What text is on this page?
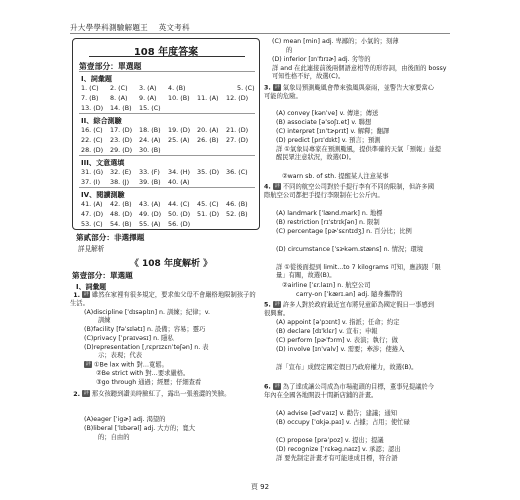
升大學學科測驗解題王 英文考科
108 年度答案
第壹部分：單選題
I、詞彙題
1. (C) 2. (C) 3. (A) 4. (B)	5. (C)
7. (B) 8. (A) 9. (A) 10. (B) 11. (A) 12. (D)
13. (D) 14. (B) 15. (C)
II、綜合測驗
16. (C) 17. (D) 18. (B) 19. (D) 20. (A) 21. (D)
22. (C) 23. (D) 24. (A) 25. (A) 26. (B) 27. (D)
28. (D) 29. (D) 30. (B)
III、文意選填
31. (G) 32. (E) 33. (F) 34. (H) 35. (D) 36. (C)
37. (I) 38. (J) 39. (B) 40. (A)
IV、閱讀測驗
41. (A) 42. (B) 43. (A) 44. (C) 45. (C) 46. (B)
47. (D) 48. (D) 49. (D) 50. (D) 51. (D) 52. (B)
53. (C) 54. (B) 55. (A) 56. (D)
第貳部分：非選擇題
詳見解析
《 108 年度解析 》
第壹部分：單選題
I、詞彙題
1. 詳 雖然在家裡有很多規定，要求他父母不會嚴格地限制孩子的生活。
(A)discipline [ˈdɪsəplɪn] n. 訓練；紀律；v.
訓練
(B)facility [fəˈsɪlətɪ] n. 設備；容易；靈巧
(C)privacy [ˈpraɪvəsɪ] n. 隱私
(D)representation [ˌrɛprɪzɛnˈteʃən] n. 表
示；表現；代表
詳 ①Be lax with 對…寬鬆。
②Be strict with 對…要求嚴格。
③go through 通過；經歷；仔細查看
2. 詳 那女孩聽到讚美時臉紅了，露出一張羞澀的笑臉。
(A)eager [ˈigɚ] adj. 渴望的
(B)liberal [ˈlɪbərəl] adj. 大方的；寬大
的；自由的
(C) mean [min] adj. 卑鄙的；小氣的；刻薄
的
(D) inferior [ɪnˈfɪrɪɚ] adj. 劣等的
詳 and 在此連接前後兩個語意相等的形容詞，由後面的 bossy 可知性格不好，故選(C)。
3. 詳 氣象局預測颱風會帶來強風與豪雨，並警告大家要當心可能的危險。
(A) convey [kənˈve] v. 傳達；傳送
(B) associate [əˈsoʃɪ.et] v. 聯想
(C) interpret [ɪnˈtɝprɪt] v. 解釋；翻譯
(D) predict [prɪˈdɪkt] v. 預言；預測
詳 ①氣象局專家在預測颱風，提供準確的天氣「預報」並提醒民眾注意狀況，故選(D)。
②warn sb. of sth. 提醒某人注意某事
4. 詳 不同的航空公司對於手提行李有不同的限制，但許多國際航空公司都把手提行李限制在七公斤內。
(A) landmark [ˈlænd.mark] n. 地標
(B) restriction [rɪˈstrɪkʃən] n. 限制
(C) percentage [pɚˈsɛntɪdʒ] n. 百分比；比例
(D) circumstance [ˈsɝkəm.stæns] n. 情況；環境
詳 ①從後面提到 limit...to 7 kilograms 可知，應該跟「限量」有關，故選(B)。
②airline [ˈɛr.laɪn] n. 航空公司
carry-on [ˈkærɪ.an] adj. 隨身攜帶的
5. 詳 許多人對於政府最近宣布將兒童節為國定假日一事感到很興奮。
(A) appoint [əˈpɔɪnt] v. 指派；任命；約定
(B) declare [dɪˈklɛr] v. 宣布；申報
(C) perform [pɚˈfɔrm] v. 表演；執行；做
(D) involve [ɪnˈvalv] v. 需要；牽涉；使捲入
詳「宣布」成假定國定假日乃政府權力，故選(B)。
6. 詳 為了達成讓公司成為市場龍頭的目標，董事兒提議於今年內在全國各地開設十間新店鋪的計畫。
(A) advise [ədˈvaɪz] v. 勸告；建議；通知
(B) occupy [ˈɑkjə.paɪ] v. 占據；占用；使忙碌
(C) propose [prəˈpoz] v. 提出；提議
(D) recognize [ˈrɛkəg.naɪz] v. 承認；認出
詳 要先制定計畫才有可能達成目標，符合語
頁 92
